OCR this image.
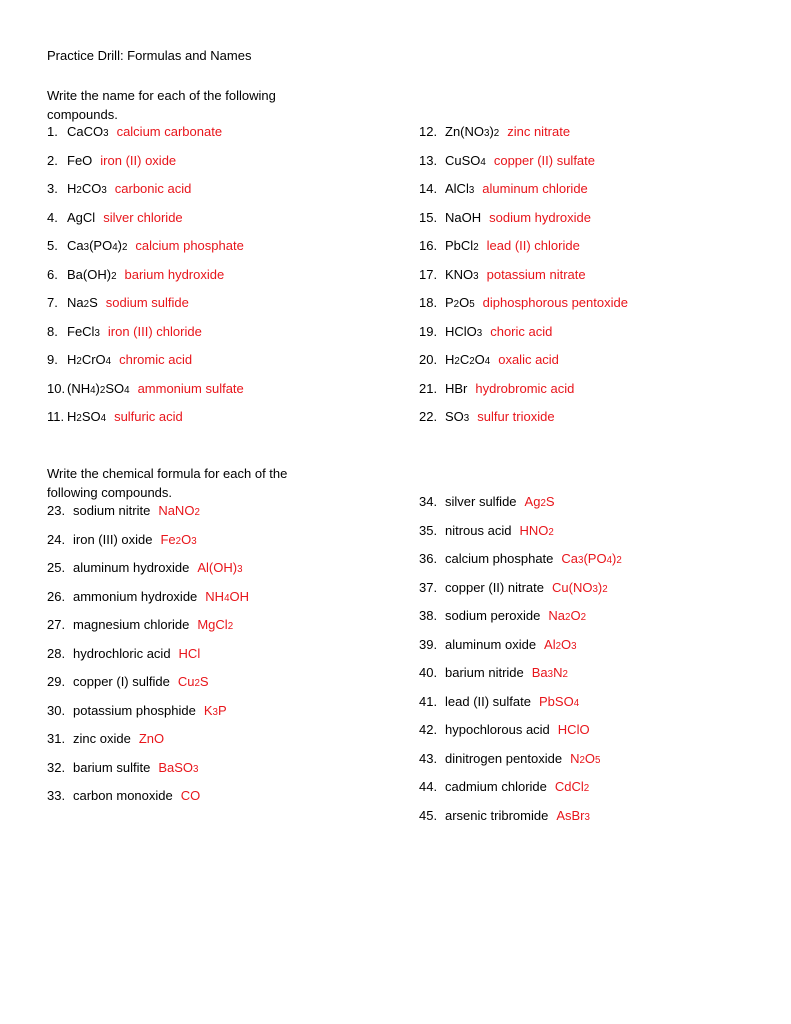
Practice Drill: Formulas and Names
Write the name for each of the following compounds.
1. CaCO3 calcium carbonate
2. FeO iron (II) oxide
3. H2CO3 carbonic acid
4. AgCl silver chloride
5. Ca3(PO4)2 calcium phosphate
6. Ba(OH)2 barium hydroxide
7. Na2S sodium sulfide
8. FeCl3 iron (III) chloride
9. H2CrO4 chromic acid
10. (NH4)2SO4 ammonium sulfate
11. H2SO4 sulfuric acid
12. Zn(NO3)2 zinc nitrate
13. CuSO4 copper (II) sulfate
14. AlCl3 aluminum chloride
15. NaOH sodium hydroxide
16. PbCl2 lead (II) chloride
17. KNO3 potassium nitrate
18. P2O5 diphosphorous pentoxide
19. HClO3 choric acid
20. H2C2O4 oxalic acid
21. HBr hydrobromic acid
22. SO3 sulfur trioxide
Write the chemical formula for each of the following compounds.
23. sodium nitrite NaNO2
24. iron (III) oxide Fe2O3
25. aluminum hydroxide Al(OH)3
26. ammonium hydroxide NH4OH
27. magnesium chloride MgCl2
28. hydrochloric acid HCl
29. copper (I) sulfide Cu2S
30. potassium phosphide K3P
31. zinc oxide ZnO
32. barium sulfite BaSO3
33. carbon monoxide CO
34. silver sulfide Ag2S
35. nitrous acid HNO2
36. calcium phosphate Ca3(PO4)2
37. copper (II) nitrate Cu(NO3)2
38. sodium peroxide Na2O2
39. aluminum oxide Al2O3
40. barium nitride Ba3N2
41. lead (II) sulfate PbSO4
42. hypochlorous acid HClO
43. dinitrogen pentoxide N2O5
44. cadmium chloride CdCl2
45. arsenic tribromide AsBr3
